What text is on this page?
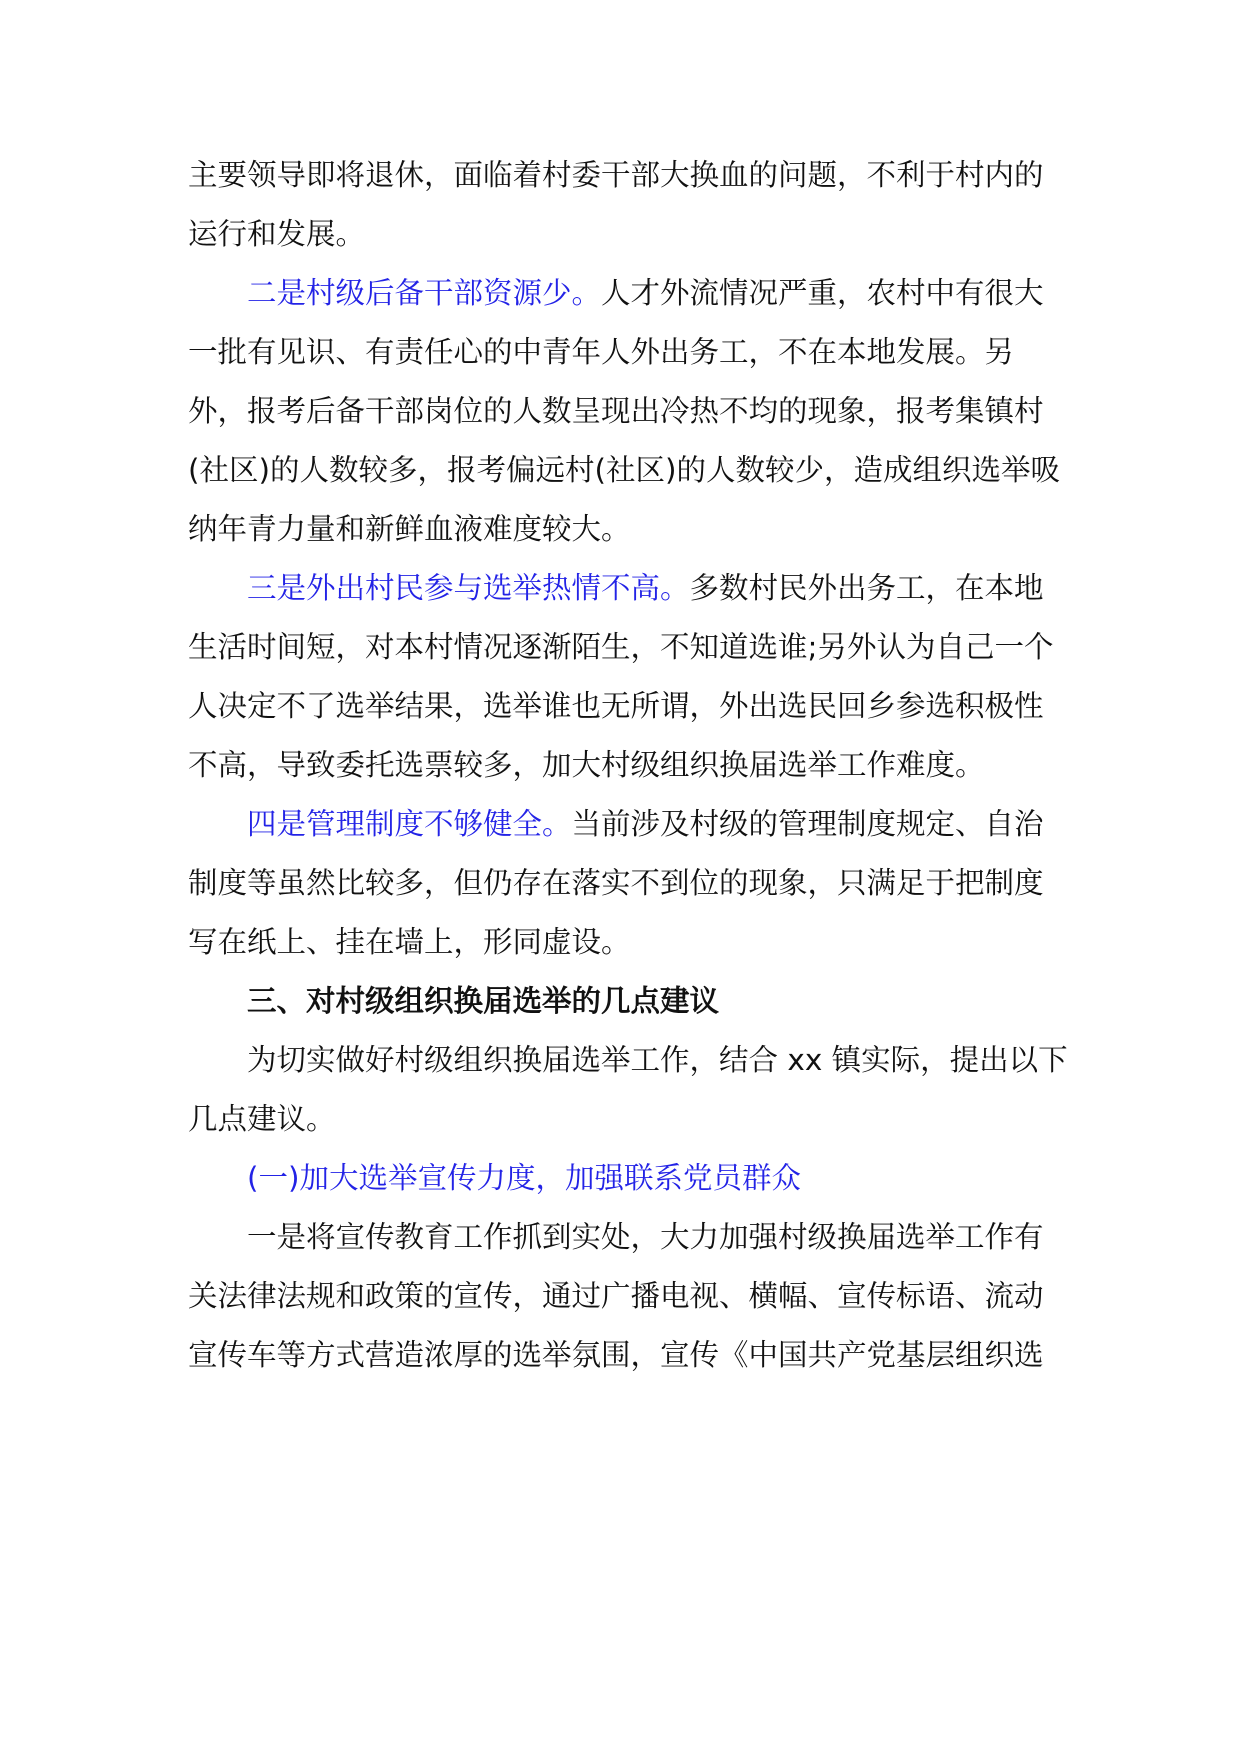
主要领导即将退休，面临着村委干部大换血的问题，不利于村内的

运行和发展。

二是村级后备干部资源少。人才外流情况严重，农村中有很大

一批有见识、有责任心的中青年人外出务工，不在本地发展。另

外，报考后备干部岗位的人数呈现出冷热不均的现象，报考集镇村

(社区)的人数较多，报考偏远村(社区)的人数较少，造成组织选举吸

纳年青力量和新鲜血液难度较大。

三是外出村民参与选举热情不高。多数村民外出务工，在本地

生活时间短，对本村情况逐渐陌生，不知道选谁;另外认为自己一个

人决定不了选举结果，选举谁也无所谓，外出选民回乡参选积极性

不高，导致委托选票较多，加大村级组织换届选举工作难度。

四是管理制度不够健全。当前涉及村级的管理制度规定、自治

制度等虽然比较多，但仍存在落实不到位的现象，只满足于把制度

写在纸上、挂在墙上，形同虚设。

三、对村级组织换届选举的几点建议

为切实做好村级组织换届选举工作，结合 xx 镇实际，提出以下

几点建议。

(一)加大选举宣传力度，加强联系党员群众

一是将宣传教育工作抓到实处，大力加强村级换届选举工作有

关法律法规和政策的宣传，通过广播电视、横幅、宣传标语、流动

宣传车等方式营造浓厚的选举氛围，宣传《中国共产党基层组织选
